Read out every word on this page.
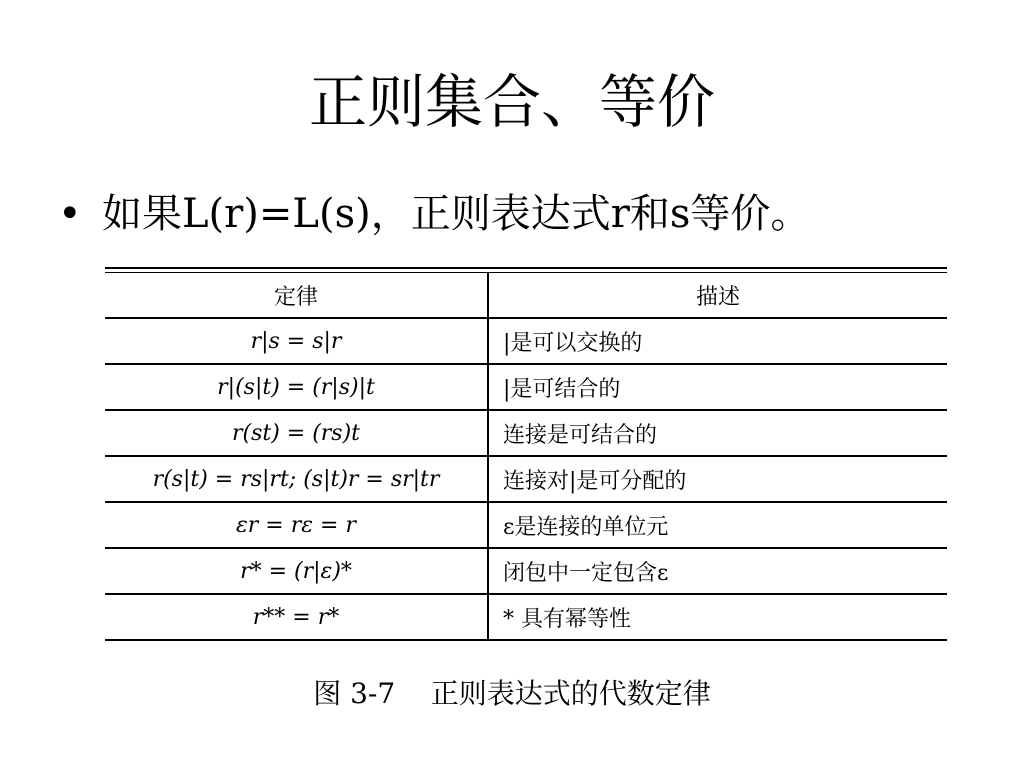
正则集合、等价
• 如果L(r)=L(s)，正则表达式r和s等价。
定律	描述
r|s = s|r	|是可以交换的
r|(s|t) = (r|s)|t	|是可结合的
r(st) = (rs)t	连接是可结合的
r(s|t) = rs|rt; (s|t)r = sr|tr	连接对|是可分配的
εr = rε = r	ε是连接的单位元
r* = (r|ε)*	闭包中一定包含ε
r** = r*	* 具有幂等性
图 3-7    正则表达式的代数定律
